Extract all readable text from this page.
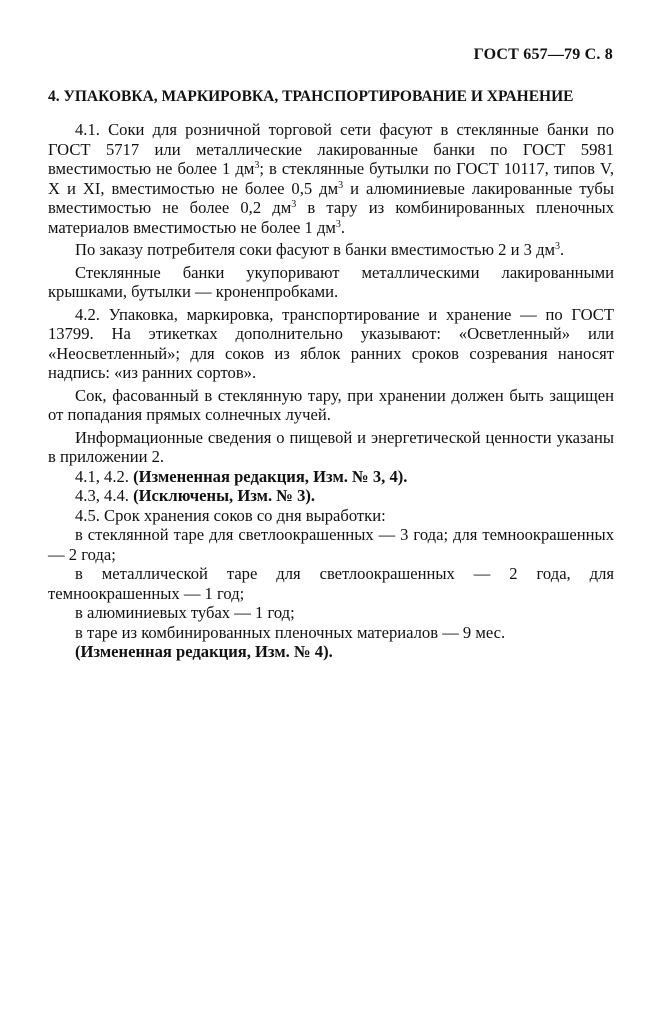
ГОСТ 657—79 С. 8
4. УПАКОВКА, МАРКИРОВКА, ТРАНСПОРТИРОВАНИЕ И ХРАНЕНИЕ

4.1. Соки для розничной торговой сети фасуют в стеклянные банки по ГОСТ 5717 или металлические лакированные банки по ГОСТ 5981 вместимостью не более 1 $дм^3$; в стеклянные бутылки по ГОСТ 10117, типов V, X и XI, вместимостью не более 0,5 $дм^3$ и алюминиевые лакированные тубы вместимостью не более 0,2 $дм^3$ в тару из комбинированных пленочных материалов вместимостью не более 1 $дм^3$.

По заказу потребителя соки фасуют в банки вместимостью 2 и 3 $дм^3$.

Стеклянные банки укупоривают металлическими лакированными крышками, бутылки — кроненпробками.

4.2. Упаковка, маркировка, транспортирование и хранение — по ГОСТ 13799. На этикетках дополнительно указывают: «Осветленный» или «Неосветленный»; для соков из яблок ранних сроков созревания наносят надпись: «из ранних сортов».

Сок, фасованный в стеклянную тару, при хранении должен быть защищен от попадания прямых солнечных лучей.

Информационные сведения о пищевой и энергетической ценности указаны в приложении 2.

4.1, 4.2. (Измененная редакция, Изм. № 3, 4).

4.3, 4.4. (Исключены, Изм. № 3).

4.5. Срок хранения соков со дня выработки:

в стеклянной таре для светлоокрашенных — 3 года; для темноокрашенных — 2 года;

в металлической таре для светлоокрашенных — 2 года, для темноокрашенных — 1 год;

в алюминиевых тубах — 1 год;

в таре из комбинированных пленочных материалов — 9 мес.

(Измененная редакция, Изм. № 4).
